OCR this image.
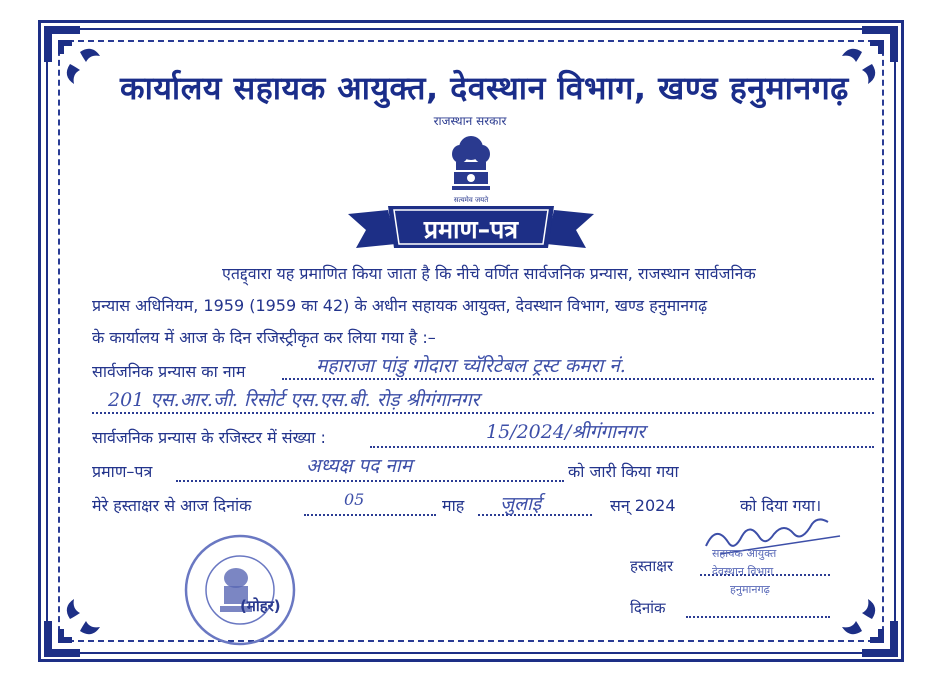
कार्यालय सहायक आयुक्त, देवस्थान विभाग, खण्ड हनुमानगढ़
राजस्थान सरकार
सत्यमेव जयते
प्रमाण–पत्र
एतद्द्वारा यह प्रमाणित किया जाता है कि नीचे वर्णित सार्वजनिक प्रन्यास, राजस्थान सार्वजनिक
प्रन्यास अधिनियम, 1959 (1959 का 42) के अधीन सहायक आयुक्त, देवस्थान विभाग, खण्ड हनुमानगढ़
के कार्यालय में आज के दिन रजिस्ट्रीकृत कर लिया गया है :–
सार्वजनिक प्रन्यास का नाम	महाराजा पांडु गोदारा च्यॅरिटेबल ट्रस्ट कमरा नं.
201 एस.आर.जी. रिसोर्ट एस.एस.बी. रोड़ श्रीगंगानगर
सार्वजनिक प्रन्यास के रजिस्टर में संख्या :	15/2024/श्रीगंगानगर
प्रमाण–पत्र	अध्यक्ष पद नाम	को जारी किया गया
मेरे हस्ताक्षर से आज दिनांक	05	माह जुलाई	सन् 2024	को दिया गया।
(मोहर)
हस्ताक्षर
सहायक आयुक्त
देवस्थान विभाग
हनुमानगढ़
दिनांक
